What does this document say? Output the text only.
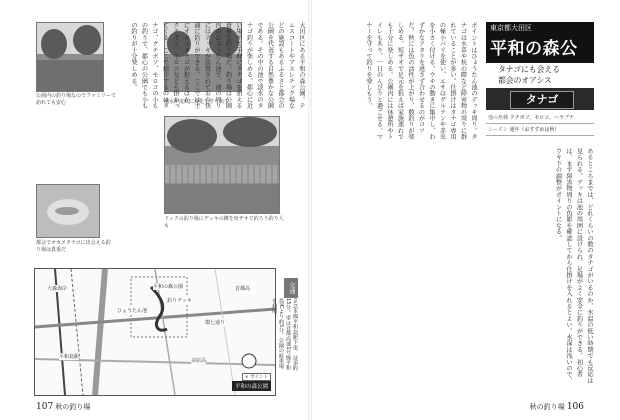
公園内の釣り場なのでファミリーで訪れても安心	噴水が流れに変化を作り出す
ドックの釣り場にデッキの構を短ザオで釣ろう釣り人も
都会でオカメタナゴに出会える釣り場は貴重だ
大田区にある平和の森公園。テニスコートやアスレチック場などの施設もあるふるさと都会の公園を代表する自然豊かな公園である。その中の池で淡水のタナゴ釣りが楽しめる。都心に近い場所で手軽にタナゴを狙える貴重な釣り場だ。釣り場は公園内のひょうたん池で、池の周りにはデッキが設置されており快適に釣りができる。ここでは主にオカメタナゴが狙えるほか、クチボソ、モロコなども掛かってくる。ここで紹介するのはタナゴ、クチボソ、モロコの小もの釣りで、都心の公園でも小もの釣りが十分楽しめる。
平和の森公園
釣りデッキ
ひょうたん池
首都高
環七通り
大森海岸
平和島駅
美原高
× ポイント
平和の森公園
交通
京急本線平和島駅下車、徒歩約15分。車は首都高速1号線平和島ICより約5分。公園の駐車場を利用。
107 秋の釣り場
東京都大田区
平和の森公園
タナゴにも会える
都会のオアシス
タナゴ
他の魚種 クチボソ、モロコ、ヘラブナ
シーズン 通年（おすすめは秋）
ポイントはひょうたん池のデッキ周り。タナゴは水草や杭の際など障害物の周りに群れていることが多い。仕掛けはタナゴ専用の極小バリを使い、エサはグルテンや赤虫を小さく付ける。ウキの動きに集中し、わずかなアタリを逃さず合わせるのがコツだ。秋には魚の活性が上がり、数釣りが楽しめる。短ザオで足元を狙えば家族連れでも十分に楽しめる。公園内には休憩所やトイレもあり、一日のんびりと過ごせる。マナーを守って釣りを楽しもう。
あるところまでは、どれくらいの数のタナゴがいるのか、水温の低い時期でも反応は見られる。デッキは池の周囲に設けられ、足場がよく安全に釣りができる。初心者は、まず障害物周りの魚影を確認してから仕掛けを入れるとよい。水深は浅いので、ウキ下の調整がポイントになる。
秋の釣り場 106
